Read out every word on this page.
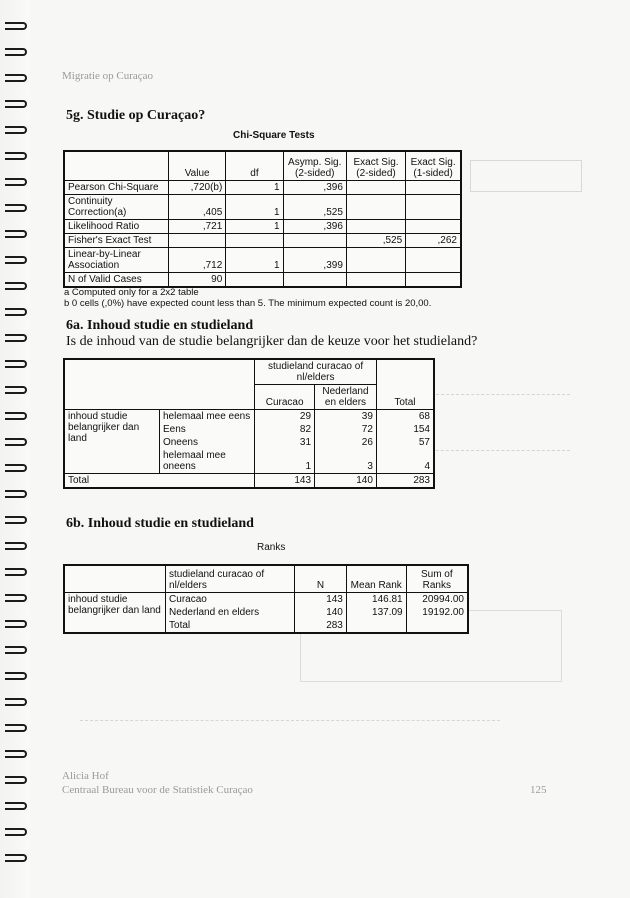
Migratie op Curaçao
5g. Studie op Curaçao?
Chi-Square Tests
	Value	df	Asymp. Sig. (2-sided)	Exact Sig. (2-sided)	Exact Sig. (1-sided)
Pearson Chi-Square	,720(b)	1	,396		
Continuity Correction(a)	,405	1	,525		
Likelihood Ratio	,721	1	,396		
Fisher's Exact Test				,525	,262
Linear-by-Linear Association	,712	1	,399		
N of Valid Cases	90				
a Computed only for a 2x2 table
b 0 cells (,0%) have expected count less than 5. The minimum expected count is 20,00.
6a. Inhoud studie en studieland
Is de inhoud van de studie belangrijker dan de keuze voor het studieland?
		studieland curacao of nl/elders		Total
		Curacao	Nederland en elders	
inhoud studie belangrijker dan land	helemaal mee eens	29	39	68
	Eens	82	72	154
	Oneens	31	26	57
	helemaal mee oneens	1	3	4
Total		143	140	283
6b. Inhoud studie en studieland
Ranks
	studieland curacao of nl/elders	N	Mean Rank	Sum of Ranks
inhoud studie belangrijker dan land	Curacao	143	146.81	20994.00
	Nederland en elders	140	137.09	19192.00
	Total	283		
Alicia Hof
Centraal Bureau voor de Statistiek Curaçao	125
